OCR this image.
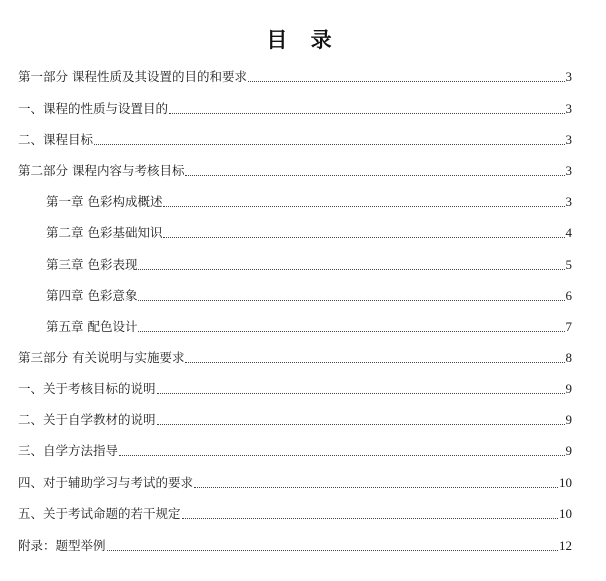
目 录
第一部分 课程性质及其设置的目的和要求	3
一、课程的性质与设置目的	3
二、课程目标	3
第二部分 课程内容与考核目标	3
第一章 色彩构成概述	3
第二章 色彩基础知识	4
第三章 色彩表现	5
第四章 色彩意象	6
第五章 配色设计	7
第三部分 有关说明与实施要求	8
一、关于考核目标的说明	9
二、关于自学教材的说明	9
三、自学方法指导	9
四、对于辅助学习与考试的要求	10
五、关于考试命题的若干规定	10
附录：题型举例	12
